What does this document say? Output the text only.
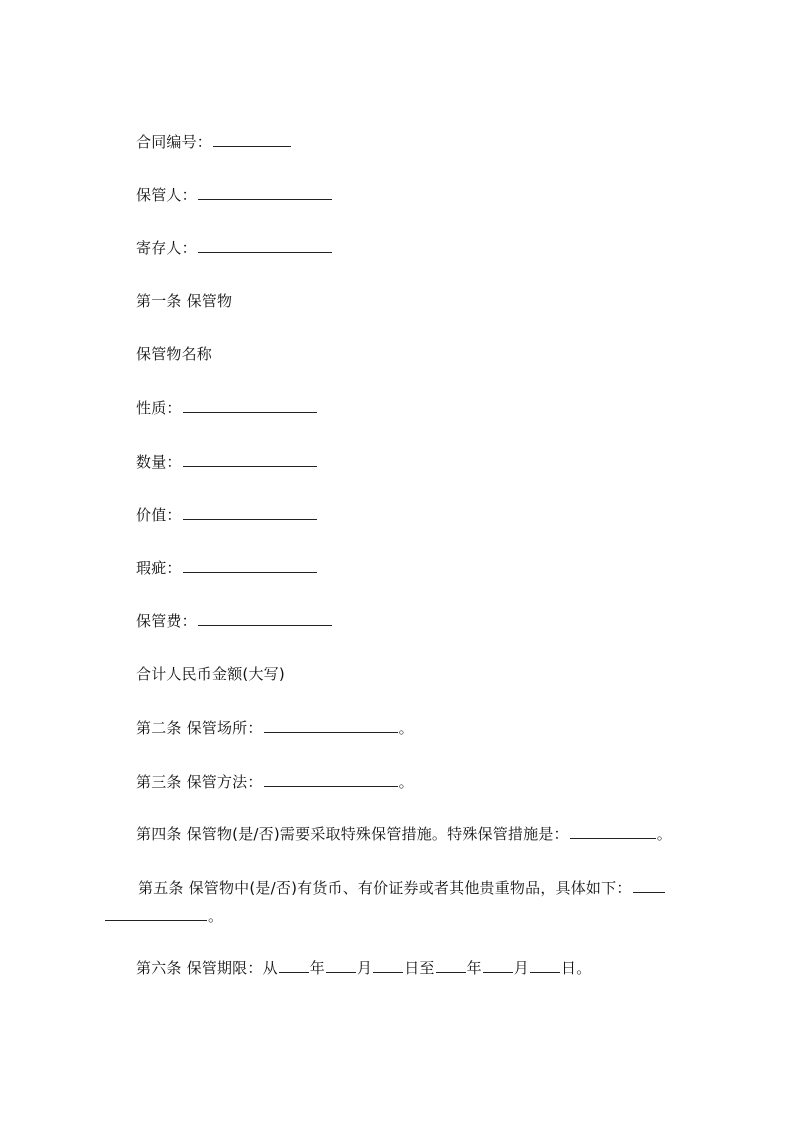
合同编号：
保管人：
寄存人：
第一条 保管物
保管物名称
性质：
数量：
价值：
瑕疵：
保管费：
合计人民币金额(大写)
第二条 保管场所：	。
第三条 保管方法：	。
第四条 保管物(是/否)需要采取特殊保管措施。特殊保管措施是：	。
第五条 保管物中(是/否)有货币、有价证券或者其他贵重物品，具体如下：
。
第六条 保管期限：从 年 月 日至 年 月 日。
